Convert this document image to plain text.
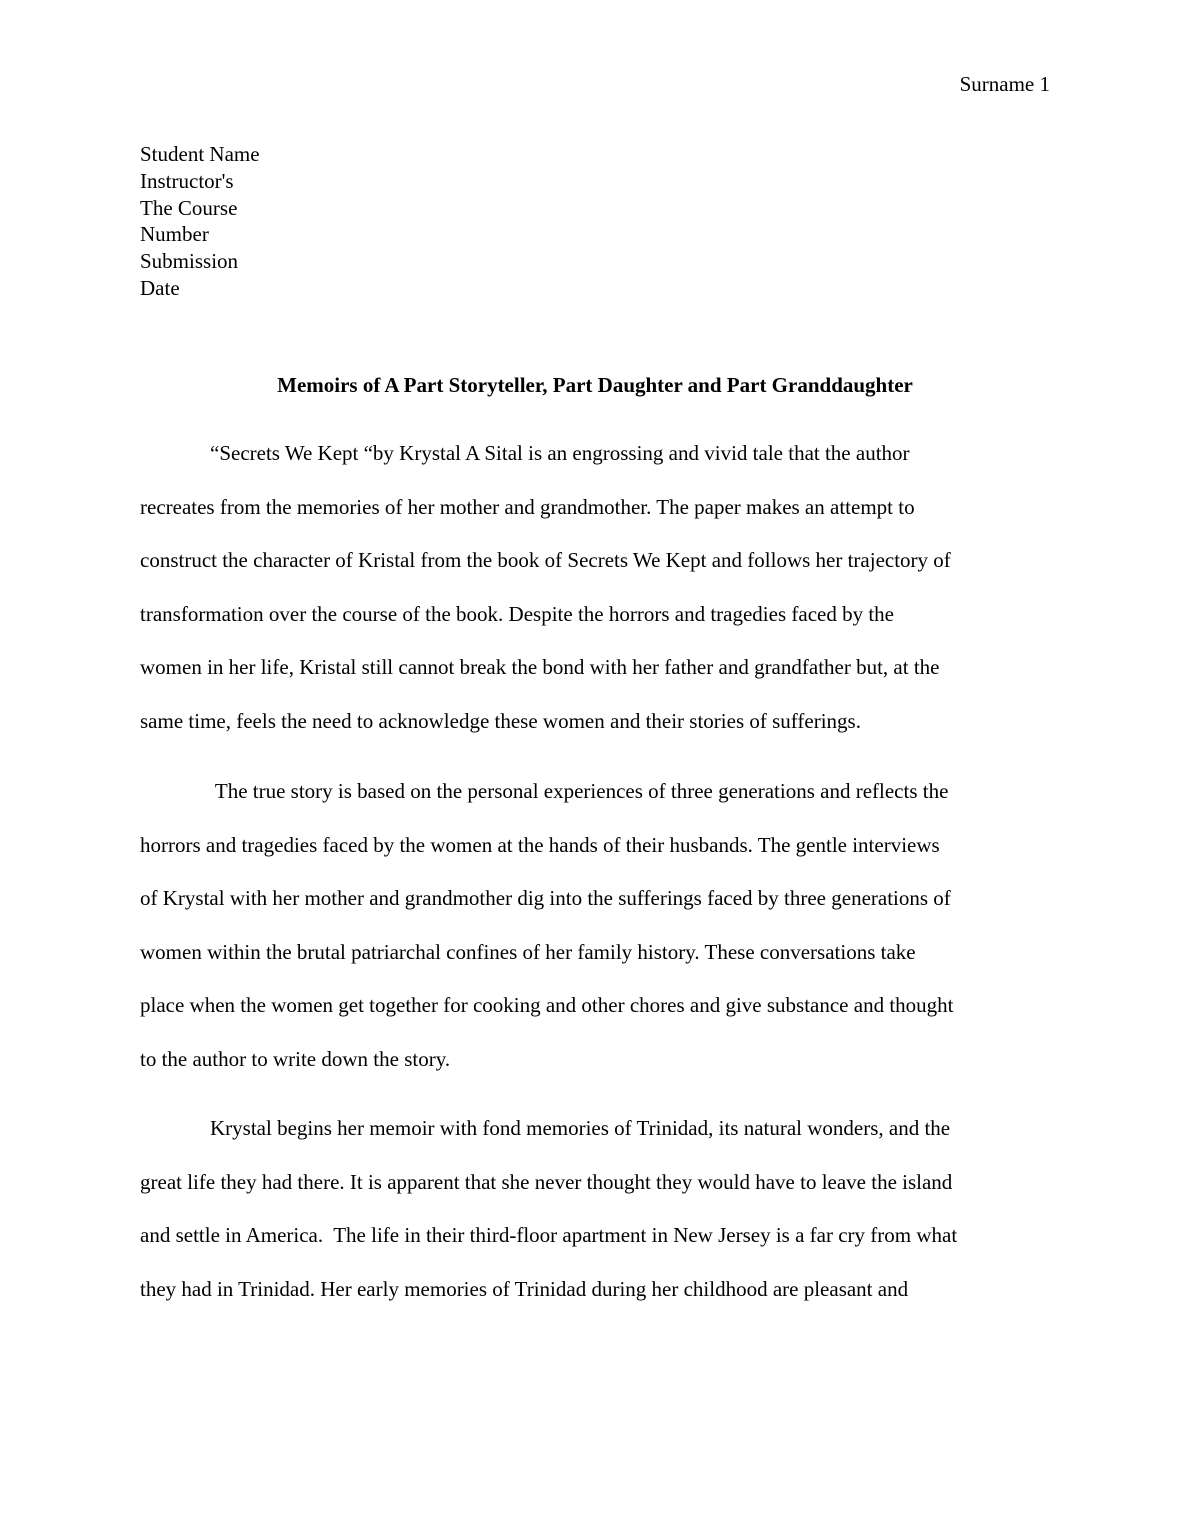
Surname 1
Student Name
Instructor's
The Course
Number
Submission
Date
Memoirs of A Part Storyteller, Part Daughter and Part Granddaughter
“Secrets We Kept “by Krystal A Sital is an engrossing and vivid tale that the author
recreates from the memories of her mother and grandmother. The paper makes an attempt to
construct the character of Kristal from the book of Secrets We Kept and follows her trajectory of
transformation over the course of the book. Despite the horrors and tragedies faced by the
women in her life, Kristal still cannot break the bond with her father and grandfather but, at the
same time, feels the need to acknowledge these women and their stories of sufferings.
The true story is based on the personal experiences of three generations and reflects the
horrors and tragedies faced by the women at the hands of their husbands. The gentle interviews
of Krystal with her mother and grandmother dig into the sufferings faced by three generations of
women within the brutal patriarchal confines of her family history. These conversations take
place when the women get together for cooking and other chores and give substance and thought
to the author to write down the story.
Krystal begins her memoir with fond memories of Trinidad, its natural wonders, and the
great life they had there. It is apparent that she never thought they would have to leave the island
and settle in America.  The life in their third-floor apartment in New Jersey is a far cry from what
they had in Trinidad. Her early memories of Trinidad during her childhood are pleasant and
